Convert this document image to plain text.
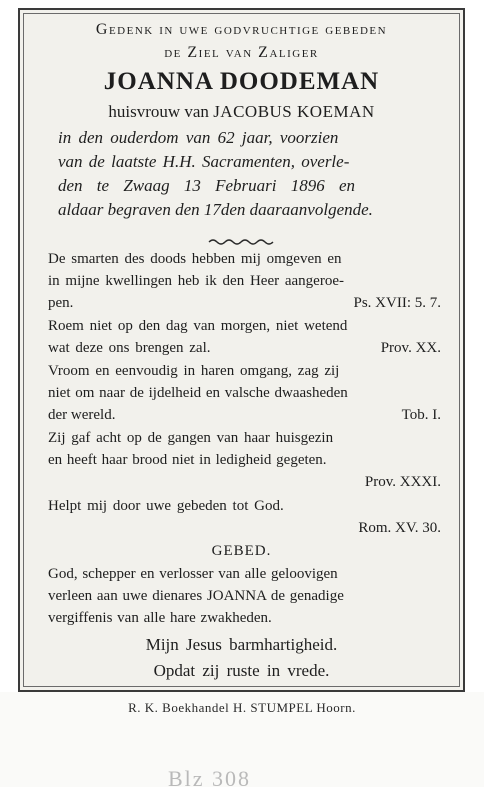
Gedenk in uwe godvruchtige gebeden
de Ziel van Zaliger
JOANNA DOODEMAN
huisvrouw van JACOBUS KOEMAN
in den ouderdom van 62 jaar, voorzien
van de laatste H.H. Sacramenten, overle-
den te Zwaag 13 Februari 1896 en
aldaar begraven den 17den daaraanvolgende.
De smarten des doods hebben mij omgeven en
in mijne kwellingen heb ik den Heer aangeroe-
pen.	Ps. XVII: 5. 7.
Roem niet op den dag van morgen, niet wetend
wat deze ons brengen zal.	Prov. XX.
Vroom en eenvoudig in haren omgang, zag zij
niet om naar de ijdelheid en valsche dwaasheden
der wereld.	Tob. I.
Zij gaf acht op de gangen van haar huisgezin
en heeft haar brood niet in ledigheid gegeten.
Prov. XXXI.
Helpt mij door uwe gebeden tot God.
Rom. XV. 30.
GEBED.
God, schepper en verlosser van alle geloovigen
verleen aan uwe dienares JOANNA de genadige
vergiffenis van alle hare zwakheden.
Mijn Jesus barmhartigheid.
Opdat zij ruste in vrede.
R. K. Boekhandel H. STUMPEL Hoorn.
Blz 308
